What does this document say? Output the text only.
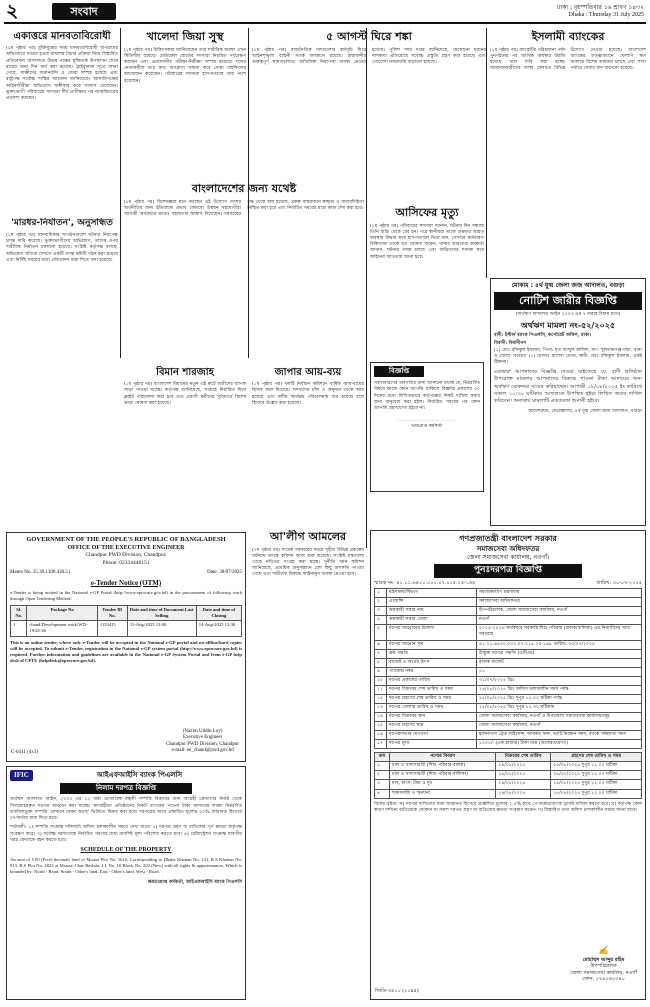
২	সংবাদ	ঢাকা : বৃহস্পতিবার ১৬ শ্রাবণ ১৪৩২
Dhaka : Thursday 31 July 2025
একাত্তরে মানবতাবিরোধী
(১ম পৃষ্ঠার পর) মুক্তিযুদ্ধের সময় মানবতাবিরোধী অপরাধের অভিযোগে দায়ের হওয়া মামলার বিচার প্রক্রিয়া নিয়ে বিস্তারিত প্রতিবেদন। আদালতে উভয় পক্ষের যুক্তিতর্ক উপস্থাপন শেষে রায়ের জন্য দিন ধার্য করা হয়েছে। ট্রাইব্যুনাল সূত্রে জানা গেছে, সাক্ষীদের জবানবন্দি ও জেরা সম্পন্ন হয়েছে এবং রাষ্ট্রপক্ষ সর্বোচ্চ শাস্তির আবেদন জানিয়েছে। আসামিপক্ষের আইনজীবীরা অভিযোগ অস্বীকার করে খালাস চেয়েছেন। ভুক্তভোগী পরিবারের সদস্যরা দীর্ঘ প্রতীক্ষার পর ন্যায়বিচারের প্রত্যাশা করছেন।
'মারধর-নির্যাতন', অনুসন্ধিত
(১ম পৃষ্ঠার পর) মানবাধিকার সংগঠনগুলো ঘটনার নিরপেক্ষ তদন্ত দাবি করেছে। ভুক্তভোগীদের অভিযোগ, তাদের ওপর শারীরিক নির্যাতন চালানো হয়েছে। সংশ্লিষ্ট কর্তৃপক্ষ বলছে, অভিযোগ খতিয়ে দেখতে একটি তদন্ত কমিটি গঠন করা হয়েছে এবং নির্দিষ্ট সময়ের মধ্যে প্রতিবেদন জমা দিতে বলা হয়েছে।
খালেদা জিয়া সুস্থ
(১ম পৃষ্ঠার পর) চিকিৎসকরা জানিয়েছেন তার শারীরিক অবস্থা এখন স্থিতিশীল রয়েছে। মেডিকেল বোর্ডের সদস্যরা নিয়মিত পর্যবেক্ষণ করছেন এবং প্রয়োজনীয় পরীক্ষা-নিরীক্ষা সম্পন্ন হয়েছে। দলের নেতাকর্মীরা তার দ্রুত আরোগ্য কামনা করে দোয়া মাহফিলের আয়োজন করেছেন। পরিবারের সদস্যরা হাসপাতালে তার পাশে রয়েছেন।
বাংলাদেশের জন্য যথেষ্ট
(১ম পৃষ্ঠার পর) বিশেষজ্ঞরা মনে করছেন এই উদ্যোগ দেশের অর্থনীতির জন্য ইতিবাচক প্রভাব ফেলবে। উন্নয়ন সহযোগীরা আগামী অর্থবছরে আরও সহায়তার আশ্বাস দিয়েছেন। সরকারের পক্ষ থেকে বলা হয়েছে, প্রকল্প বাস্তবায়নে স্বচ্ছতা ও জবাবদিহিতা নিশ্চিত করা হবে এবং নির্ধারিত সময়ের মধ্যে কাজ শেষ করা হবে।
৫ আগস্ট ঘিরে শঙ্কা
(১ম পৃষ্ঠার পর) রাজনৈতিক দলগুলোর কর্মসূচি ঘিরে আইনশৃঙ্খলা বাহিনী সতর্ক অবস্থানে রয়েছে। রাজধানীর গুরুত্বপূর্ণ স্থানগুলোতে অতিরিক্ত নিরাপত্তা ব্যবস্থা নেওয়া হয়েছে। পুলিশ সদর দপ্তর জানিয়েছে, যেকোনো ধরনের নাশকতা প্রতিরোধে সর্বোচ্চ প্রস্তুতি গ্রহণ করা হয়েছে এবং গোয়েন্দা নজরদারি বাড়ানো হয়েছে।
ইসলামী ব্যাংকের
(১ম পৃষ্ঠার পর) ব্যাংকটির পরিচালনা পর্ষদ পুনর্গঠনের পর আর্থিক অবস্থার উন্নতি হয়েছে বলে দাবি করা হচ্ছে। আমানতকারীদের আস্থা ফেরাতে বিভিন্ন উদ্যোগ নেওয়া হয়েছে। বাংলাদেশ ব্যাংকের তত্ত্বাবধানে খেলাপি ঋণ আদায়ে বিশেষ কার্যক্রম চলছে এবং শাখা পর্যায়ে সেবার মান বাড়ানো হয়েছে।
আসিফের মৃত্যু
(১ম পৃষ্ঠার পর) পরিবারের সদস্যরা জানান, ঘটনার দিন সন্ধ্যায় তিনি বাড়ি থেকে বের হন। পরে স্থানীয়রা তাকে গুরুতর আহত অবস্থায় উদ্ধার করে হাসপাতালে নিয়ে যান, সেখানে কর্তব্যরত চিকিৎসক তাকে মৃত ঘোষণা করেন। থানার ভারপ্রাপ্ত কর্মকর্তা জানান, ঘটনার তদন্ত চলছে এবং জড়িতদের শনাক্ত করে আইনের আওতায় আনা হবে।
বিমান শারজাহ
(১ম পৃষ্ঠার পর) বাংলাদেশ বিমানের নতুন এই রুটে যাত্রীদের ব্যাপক সাড়া পাওয়া যাচ্ছে। কর্তৃপক্ষ জানিয়েছে, সপ্তাহে নির্ধারিত দিনে ফ্লাইট পরিচালনা করা হবে এবং প্রবাসী কর্মীদের সুবিধার্থে বিশেষ ভাড়া ঘোষণা করা হয়েছে।
জাপার আয়-ব্যয়
(১ম পৃষ্ঠার পর) দলটি নির্বাচন কমিশনে বার্ষিক আয়-ব্যয়ের হিসাব জমা দিয়েছে। সদস্যদের চাঁদা ও অনুদান থেকে আয় হয়েছে এবং দলীয় কার্যক্রম পরিচালনায় ব্যয় হয়েছে বলে হিসাবে উল্লেখ করা হয়েছে।
বিজ্ঞপ্তি
সর্বসাধারণের অবগতির জন্য জানানো যাচ্ছে যে, নিম্নবর্ণিত বিষয়ে কারো কোন আপত্তি থাকিলে বিজ্ঞপ্তি প্রকাশের ৩০ দিনের মধ্যে লিখিতভাবে কর্তৃপক্ষের নিকট দাখিল করার জন্য অনুরোধ করা হইল। নির্ধারিত সময়ের পর কোন আপত্তি গ্রহণযোগ্য হইবে না।
........................
ভারপ্রাপ্ত কর্মকর্তা
মোকাম : ৪র্থ যুগ্ম জেলা জজ আদালত, বগুড়া
নোটিশ জারীর বিজ্ঞপ্তি
(অর্থঋণ আদালত আইন ২০০৩ এর ৭ ধারার বিধান মতে)
অর্থঋণ মামলা নং-৫২/২০২৫
বাদী: ইস্টার্ন ব্যাংক পিএলসি, কর্পোরেট অফিস, ঢাকা।
বিবাদী: বিবাদীগণ
(১) মোঃ রফিকুল ইসলাম, পিতা: মৃত আব্দুল জলিল, সাং- সুলতানগঞ্জপাড়া, থানা ও জেলা- বগুড়া। (২) মোসাঃ রাশেদা বেগম, স্বামী: মোঃ রফিকুল ইসলাম, একই ঠিকানা।
এতদ্বারা আপনাদের বিজ্ঞপ্তি দেওয়া যাইতেছে যে, বাদী প্রতিষ্ঠান উপরোক্ত মামলায় আপনাদের বিরুদ্ধে পাওনা টাকা আদায়ের জন্য অর্থঋণ মোকদ্দমা দায়ের করিয়াছেন। আগামী ১৮/০৮/২০২৫ ইং তারিখে সকাল ১০:৩০ ঘটিকায় আদালতে উপস্থিত হইয়া লিখিত জবাব দাখিল করিবেন। অন্যথায় মামলাটি একতরফা শুনানী হইবে।
আদেশক্রমে, সেরেস্তাদার, ৪র্থ যুগ্ম জেলা জজ আদালত, বগুড়া
আ'লীগ আমলের
(১ম পৃষ্ঠার পর) সাবেক সরকারের সময়ে গৃহীত বিভিন্ন প্রকল্পের অনিয়ম তদন্তে কমিশন কাজ শুরু করেছে। সংশ্লিষ্ট মন্ত্রণালয় থেকে নথিপত্র সংগ্রহ করা হচ্ছে। দুর্নীতি দমন কমিশন জানিয়েছে, প্রাথমিক অনুসন্ধানে বেশ কিছু অসঙ্গতি পাওয়া গেছে এবং দায়ীদের বিরুদ্ধে আইনানুগ ব্যবস্থা নেওয়া হবে।
GOVERNMENT OF THE PEOPLE'S REPUBLIC OF BANGLADESH
OFFICE OF THE EXECUTIVE ENGINEER
Chandpur PWD Division, Chandpur.
Phone: 02334448151
Memo No. 25.36.1300.430.51	Date: 30/07/2025
e-Tender Notice (OTM)
e-Tender is being invited in the National e-GP Portal (http://www.eprocure.gov.bd) in the procurement of following work through Open Tendering Method:
Sl. No.	Package No	Tender ID No.	Date and time of Document Last Selling	Date and time of Closing
1	chand/Development work/WD-19/25-26	1153415	13-Aug-2025 13:00	14-Aug-2025 12:30
This is an online tender, where only e-Tender will be accepted in the National e-GP portal and no offline/hard copies will be accepted. To submit e-Tender, registration in the National e-GP system portal (http://www.eprocure.gov.bd) is required. Further information and guidelines are available in the National e-GP System Portal and from e-GP help desk of CPTU (helpdesk@eprocure.gov.bd).
(Nazim Uddin Loy)
Executive Engineer
Chandpur PWD Division, Chandpur
e-mail: ee_chand@pwd.gov.bd
C-0411 (4x3)
IFIC	আইএফআইসি ব্যাংক পিএলসি
নিলাম দরপত্র বিজ্ঞপ্তি
অর্থঋণ আদালত আইন, ২০০৩ এর ১২ ধারা মোতাবেক বন্ধকী সম্পত্তি বিক্রয়ের জন্য আগ্রহী ক্রেতাদের নিকট থেকে সিলমোহরকৃত দরপত্র আহ্বান করা যাচ্ছে। ঋণগ্রহীতা প্রতিষ্ঠানের নিকট ব্যাংকের পাওনা টাকা আদায়ের লক্ষ্যে নিম্নবর্ণিত তফসিলভুক্ত সম্পত্তি 'যেখানে যেমন আছে' ভিত্তিতে বিক্রয় করা হবে। দরপত্রের সাথে প্রস্তাবিত মূল্যের ২০% জামানত হিসেবে পে-অর্ডার জমা দিতে হবে।
শর্তাবলী: ১) সম্পত্তি সংক্রান্ত দলিলাদি অফিস চলাকালীন সময়ে দেখা যাবে। ২) দরপত্র গ্রহণ বা বাতিলের পূর্ণ ক্ষমতা কর্তৃপক্ষ সংরক্ষণ করে। ৩) সর্বোচ্চ দরদাতাকে নির্ধারিত সময়ের মধ্যে অবশিষ্ট মূল্য পরিশোধ করতে হবে। ৪) রেজিস্ট্রেশন সংক্রান্ত যাবতীয় খরচ ক্রেতাকে বহন করতে হবে।
SCHEDULE OF THE PROPERTY
An area of 5.00 (Five) decimals land of Mouza Plot No. 1610, Corresponding to Dhaka Khatian No. 131, R.S Khatian No. 913, R.S Plot No. 2025 at Mouza: Char Bashtia, J.L No. 10 Block No. 202 (New) with all rights & appurtenances. Which is bounded by: North - Road; South - Other's land; East - Other's land; West - Road.
ক্ষমতাপ্রাপ্ত কর্মকর্তা, আইএফআইসি ব্যাংক পিএলসি
গণপ্রজাতন্ত্রী বাংলাদেশ সরকার
সমাজসেবা অধিদফতর
জেলা সমাজসেবা কার্যালয়, নওগাঁ।
পুনঃদরপত্র বিজ্ঞপ্তি
স্মারক নং- ৪১.০১.৬৪০০.০০০.০৭.০১৫.২৫-১৬৮	তারিখ: ৩০-০৭-২০২৫
১	মন্ত্রণালয়/বিভাগ	সমাজকল্যাণ মন্ত্রণালয়
২	এজেন্সি	সমাজসেবা অধিদফতর
৩	ক্রয়কারী সত্তার নাম	উপপরিচালক, জেলা সমাজসেবা কার্যালয়, নওগাঁ
৪	ক্রয়কারী সত্তার জেলা	নওগাঁ
৫	দরপত্র আহ্বানের উদ্দেশ্য	২০২৫-২০২৬ অর্থবছরে সরকারি শিশু পরিবার (বালক/বালিকা) এর নিবাসীদের খাদ্য সরবরাহ
৬	দরপত্র আহ্বান সূত্র	৪১.০১.৬৪০০.০০০.০৭.০১৫.২৫-১৬৮ তারিখ: ৩০/০৭/২০২৫
৭	ক্রয় পদ্ধতি	উন্মুক্ত দরপত্র পদ্ধতি (ওটিএম)
৮	বাজেট ও অর্থের উৎস	রাজস্ব বাজেট
৯	প্যাকেজ নম্বর	০১
১০	দরপত্র প্রকাশের তারিখ	৩১/০৭/২০২৫ খ্রিঃ
১১	দরপত্র বিক্রয়ের শেষ তারিখ ও সময়	২৪/০৮/২০২৫ খ্রিঃ অফিস চলাকালীন সময় পর্যন্ত
১২	দরপত্র গ্রহণের শেষ তারিখ ও সময়	২৫/০৮/২০২৫ খ্রিঃ দুপুর ১২.০০ ঘটিকা পর্যন্ত
১৩	দরপত্র খোলার তারিখ ও সময়	২৫/০৮/২০২৫ খ্রিঃ দুপুর ১২.৩০ ঘটিকায়
১৪	দরপত্র বিক্রয়ের স্থান	জেলা সমাজসেবা কার্যালয়, নওগাঁ ও উপজেলা সমাজসেবা কার্যালয়সমূহ
১৫	দরপত্র গ্রহণের স্থান	জেলা সমাজসেবা কার্যালয়, নওগাঁ
১৬	দরপত্রদাতার যোগ্যতা	হালনাগাদ ট্রেড লাইসেন্স, আয়কর সনদ, ভ্যাট নিবন্ধন সনদ, ব্যাংক সচ্ছলতা সনদ
১৭	দরপত্র মূল্য	১০০০/- (এক হাজার) টাকা মাত্র (অফেরতযোগ্য)
ক্রম	পণ্যের বিবরণ	বিক্রয়ের শেষ তারিখ	গ্রহণের শেষ তারিখ ও সময়
১	চাল ও খাদ্যসামগ্রী (শিশু পরিবার-বালক)	২৪/০৮/২০২৫	২৫/০৮/২০২৫ দুপুর ১২.০০ ঘটিকা
২	চাল ও খাদ্যসামগ্রী (শিশু পরিবার-বালিকা)	২৪/০৮/২০২৫	২৫/০৮/২০২৫ দুপুর ১২.০০ ঘটিকা
৩	মাছ, মাংস, ডিম ও দুধ	২৪/০৮/২০২৫	২৫/০৮/২০২৫ দুপুর ১২.০০ ঘটিকা
৪	শাকসবজি ও অন্যান্য	২৪/০৮/২০২৫	২৫/০৮/২০২৫ দুপুর ১২.০০ ঘটিকা
বিশেষ দ্রষ্টব্য: ক) দরপত্র দাখিলের সময় জামানত হিসেবে প্রাক্কলিত মূল্যের ২.৫% হারে পে-অর্ডার/ব্যাংক ড্রাফট দাখিল করতে হবে। খ) কর্তৃপক্ষ কোন কারণ দর্শানো ব্যতিরেকে যেকোন বা সকল দরপত্র গ্রহণ বা বাতিলের ক্ষমতা সংরক্ষণ করেন। গ) বিস্তারিত তথ্য অফিস চলাকালীন সময়ে জানা যাবে।
✍
মোহাম্মদ আব্দুর রহিম
উপপরিচালক
জেলা সমাজসেবা কার্যালয়, নওগাঁ
ফোন: ০৭৪১৬২৩৪০
জিডি-৩৪১০ (১০x৫)
